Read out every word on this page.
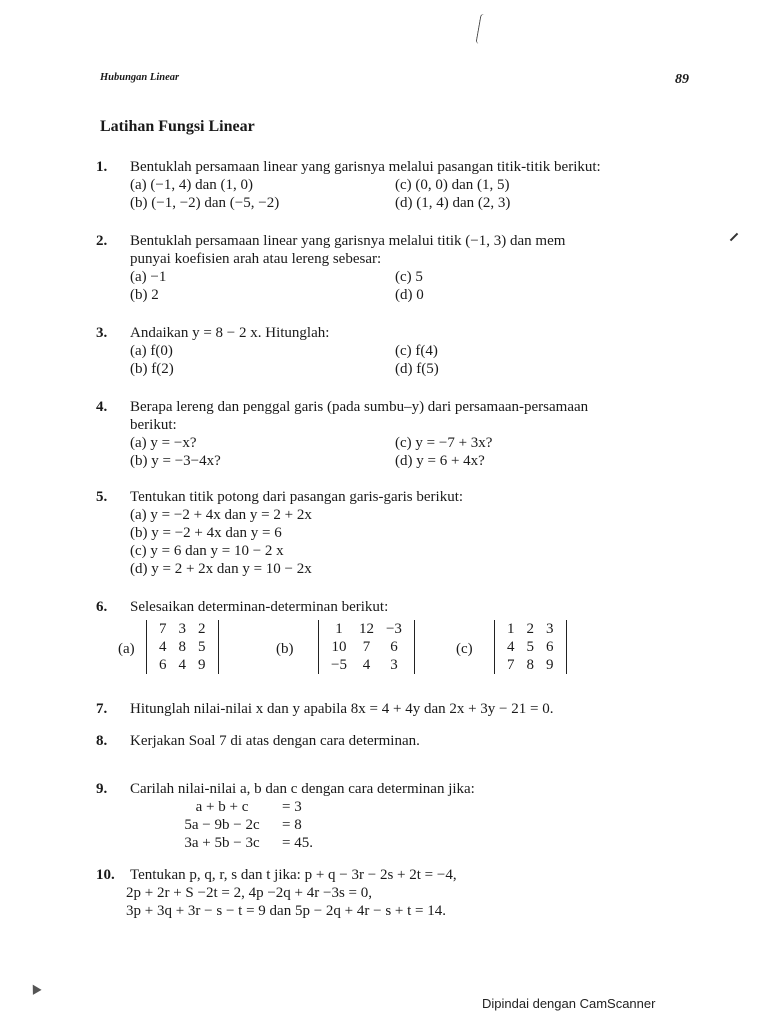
Hubungan Linear	89
Latihan Fungsi Linear
1. Bentuklah persamaan linear yang garisnya melalui pasangan titik-titik berikut:
(a) (−1, 4) dan (1, 0)	(c) (0, 0) dan (1, 5)
(b) (−1, −2) dan (−5, −2)	(d) (1, 4) dan (2, 3)
2. Bentuklah persamaan linear yang garisnya melalui titik (−1, 3) dan mem
punyai koefisien arah atau lereng sebesar:
(a) −1	(c) 5
(b) 2	(d) 0
3. Andaikan y = 8 − 2 x. Hitunglah:
(a) f(0)	(c) f(4)
(b) f(2)	(d) f(5)
4. Berapa lereng dan penggal garis (pada sumbu–y) dari persamaan-persamaan
berikut:
(a) y = −x?	(c) y = −7 + 3x?
(b) y = −3−4x?	(d) y = 6 + 4x?
5. Tentukan titik potong dari pasangan garis-garis berikut:
(a) y = −2 + 4x dan y = 2 + 2x
(b) y = −2 + 4x dan y = 6
(c) y = 6 dan y = 10 − 2 x
(d) y = 2 + 2x dan y = 10 − 2x
6. Selesaikan determinan-determinan berikut:
(a)
7	3	2
4	8	5
6	4	9
(b)
1	12	−3
10	7	6
−5	4	3
(c)
1	2	3
4	5	6
7	8	9
7. Hitunglah nilai-nilai x dan y apabila 8x = 4 + 4y dan 2x + 3y − 21 = 0.
8. Kerjakan Soal 7 di atas dengan cara determinan.
9. Carilah nilai-nilai a, b dan c dengan cara determinan jika:
a + b + c	= 3
5a − 9b − 2c	= 8
3a + 5b − 3c	= 45.
10. Tentukan p, q, r, s dan t jika: p + q − 3r − 2s + 2t = −4,
2p + 2r + S −2t = 2, 4p −2q + 4r −3s = 0,
3p + 3q + 3r − s − t = 9 dan 5p − 2q + 4r − s + t = 14.
Dipindai dengan CamScanner
